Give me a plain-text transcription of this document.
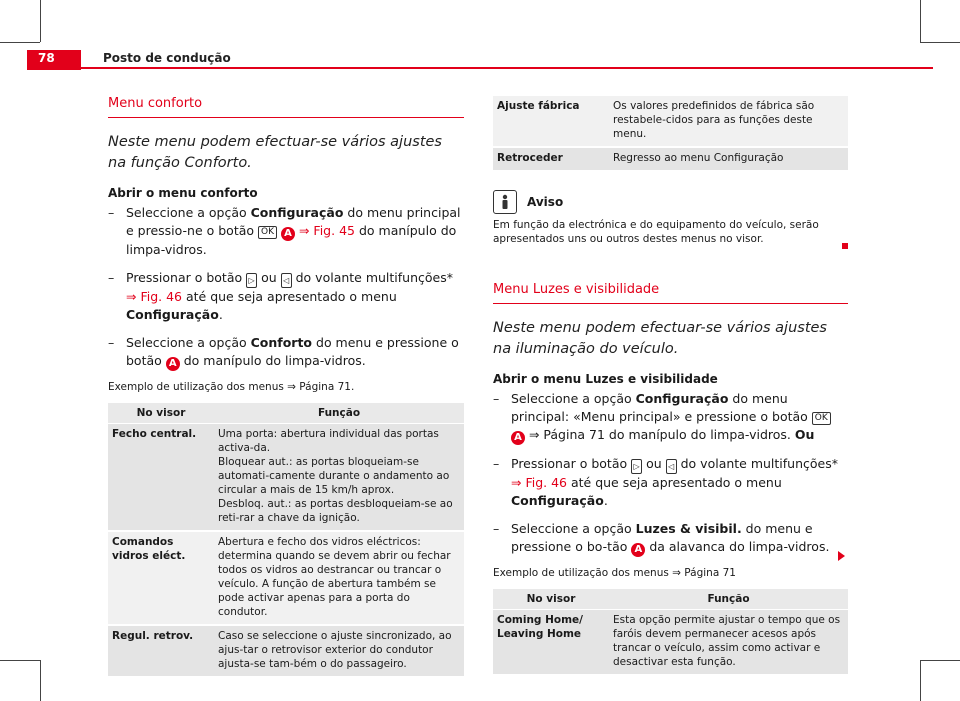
78	Posto de condução
Menu conforto

Neste menu podem efectuar-se vários ajustes na função Conforto.

Abrir o menu conforto
– Seleccione a opção Configuração do menu principal e pressio-ne o botão OK A ⇒ Fig. 45 do manípulo do limpa-vidros.
– Pressionar o botão ▷ ou ◁ do volante multifunções* ⇒ Fig. 46 até que seja apresentado o menu Configuração.
– Seleccione a opção Conforto do menu e pressione o botão A do manípulo do limpa-vidros.
Exemplo de utilização dos menus ⇒ Página 71.
No visor	Função
Fecho central.	Uma porta: abertura individual das portas activa-da.
Bloquear aut.: as portas bloqueiam-se automati-camente durante o andamento ao circular a mais de 15 km/h aprox.
Desbloq. aut.: as portas desbloqueiam-se ao reti-rar a chave da ignição.

Comandos vidros eléct.	Abertura e fecho dos vidros eléctricos: determina quando se devem abrir ou fechar todos os vidros ao destrancar ou trancar o veículo. A função de abertura também se pode activar apenas para a porta do condutor.
Regul. retrov.	Caso se seleccione o ajuste sincronizado, ao ajus-tar o retrovisor exterior do condutor ajusta-se tam-bém o do passageiro.
Ajuste fábrica	Os valores predefinidos de fábrica são restabele-cidos para as funções deste menu.
Retroceder	Regresso ao menu Configuração
Aviso
Em função da electrónica e do equipamento do veículo, serão apresentados uns ou outros destes menus no visor.
Menu Luzes e visibilidade

Neste menu podem efectuar-se vários ajustes na iluminação do veículo.

Abrir o menu Luzes e visibilidade
– Seleccione a opção Configuração do menu principal: «Menu principal» e pressione o botão OK A ⇒ Página 71 do manípulo do limpa-vidros. Ou
– Pressionar o botão ▷ ou ◁ do volante multifunções* ⇒ Fig. 46 até que seja apresentado o menu Configuração.
– Seleccione a opção Luzes & visibil. do menu e pressione o bo-tão A da alavanca do limpa-vidros.
Exemplo de utilização dos menus ⇒ Página 71
No visor	Função
Coming Home/ Leaving Home	Esta opção permite ajustar o tempo que os faróis devem permanecer acesos após trancar o veículo, assim como activar e desactivar esta função.
